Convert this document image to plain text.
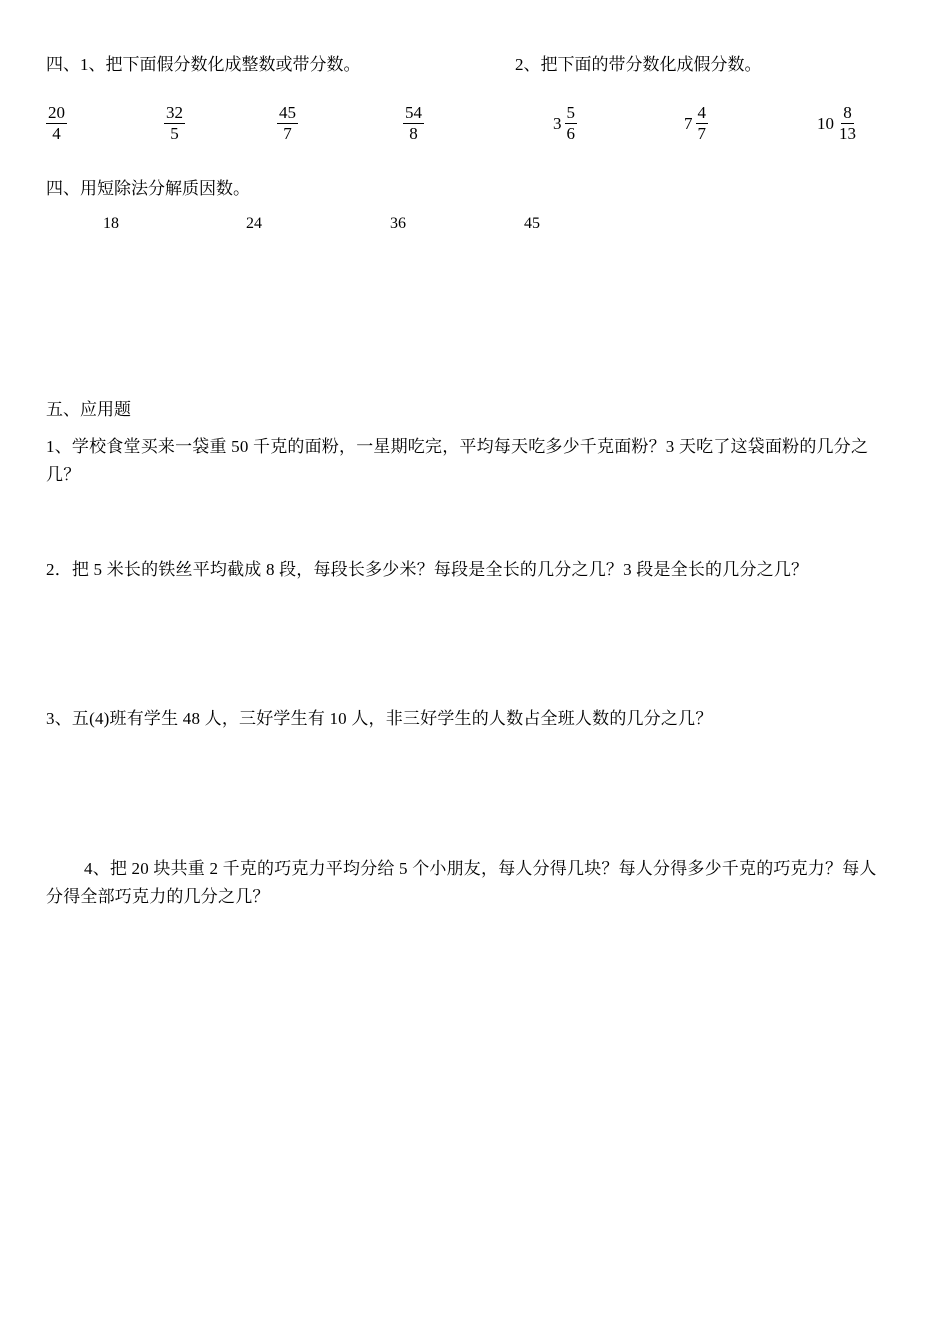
四、1、把下面假分数化成整数或带分数。	2、把下面的带分数化成假分数。
$\frac{20}{4}$	$\frac{32}{5}$	$\frac{45}{7}$	$\frac{54}{8}$	$3 \frac{5}{6}$	$7 \frac{4}{7}$	$10 \frac{8}{13}$
四、用短除法分解质因数。
18	24	36	45
五、应用题
1、学校食堂买来一袋重 50 千克的面粉，一星期吃完，平均每天吃多少千克面粉？3 天吃了这袋面粉的几分之几？
2．把 5 米长的铁丝平均截成 8 段，每段长多少米？每段是全长的几分之几？3 段是全长的几分之几？
3、五(4)班有学生 48 人，三好学生有 10 人，非三好学生的人数占全班人数的几分之几？
4、把 20 块共重 2 千克的巧克力平均分给 5 个小朋友，每人分得几块？每人分得多少千克的巧克力？每人分得全部巧克力的几分之几？
